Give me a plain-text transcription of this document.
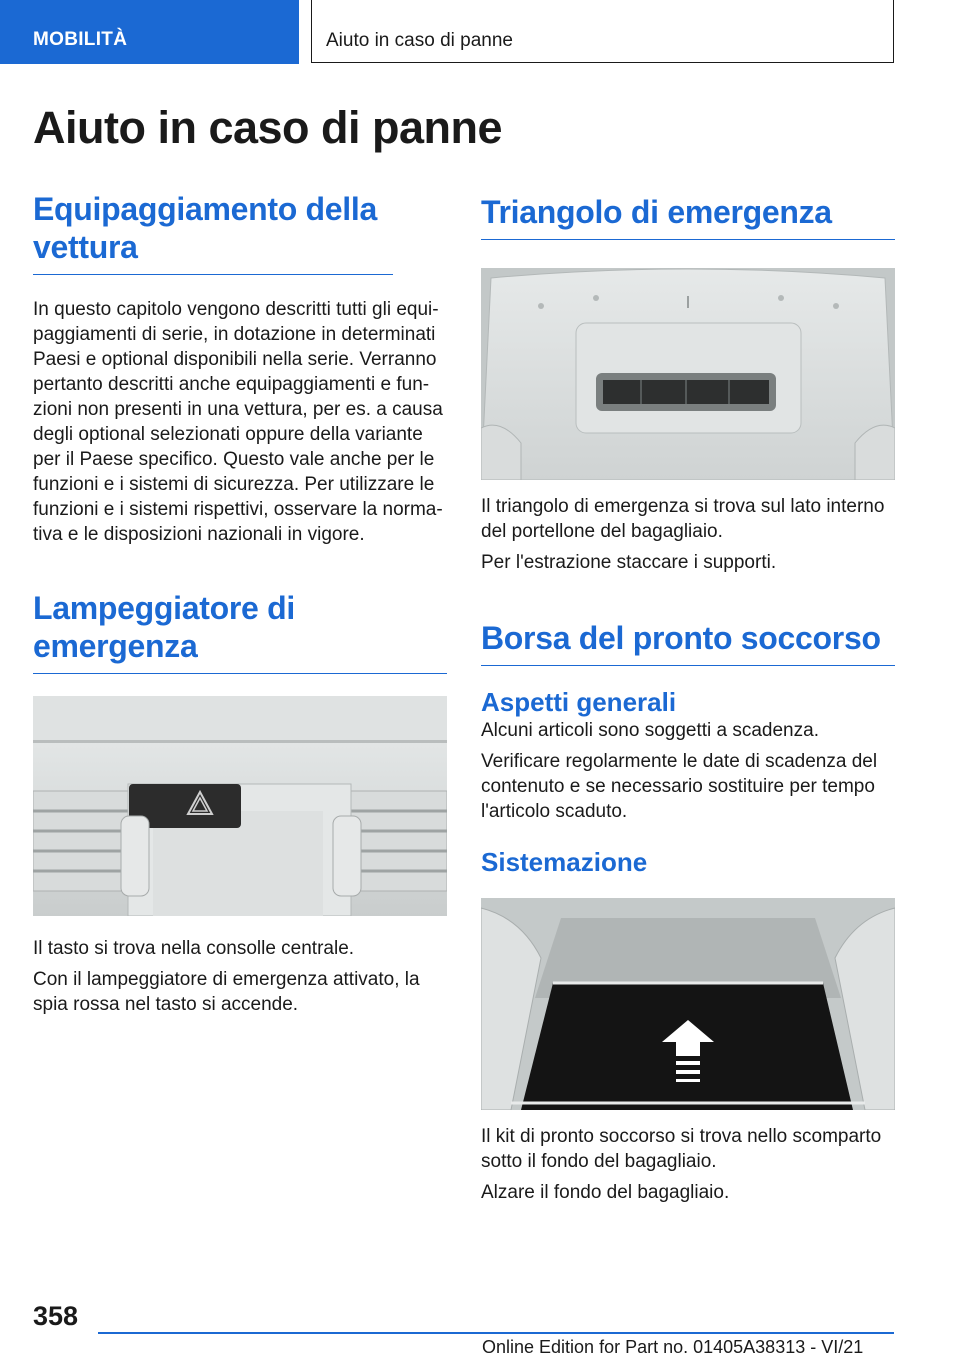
MOBILITÀ	Aiuto in caso di panne
Aiuto in caso di panne
Equipaggiamento della vettura

In questo capitolo vengono descritti tutti gli equi-
paggiamenti di serie, in dotazione in determinati
Paesi e optional disponibili nella serie. Verranno
pertanto descritti anche equipaggiamenti e fun-
zioni non presenti in una vettura, per es. a causa
degli optional selezionati oppure della variante
per il Paese specifico. Questo vale anche per le
funzioni e i sistemi di sicurezza. Per utilizzare le
funzioni e i sistemi rispettivi, osservare la norma-
tiva e le disposizioni nazionali in vigore.

Lampeggiatore di
emergenza

Il tasto si trova nella consolle centrale.

Con il lampeggiatore di emergenza attivato, la
spia rossa nel tasto si accende.

Triangolo di emergenza

Il triangolo di emergenza si trova sul lato interno
del portellone del bagagliaio.

Per l'estrazione staccare i supporti.

Borsa del pronto soccorso
Aspetti generali

Alcuni articoli sono soggetti a scadenza.

Verificare regolarmente le date di scadenza del
contenuto e se necessario sostituire per tempo
l'articolo scaduto.

Sistemazione

Il kit di pronto soccorso si trova nello scomparto
sotto il fondo del bagagliaio.

Alzare il fondo del bagagliaio.

358
Online Edition for Part no. 01405A38313 - VI/21
